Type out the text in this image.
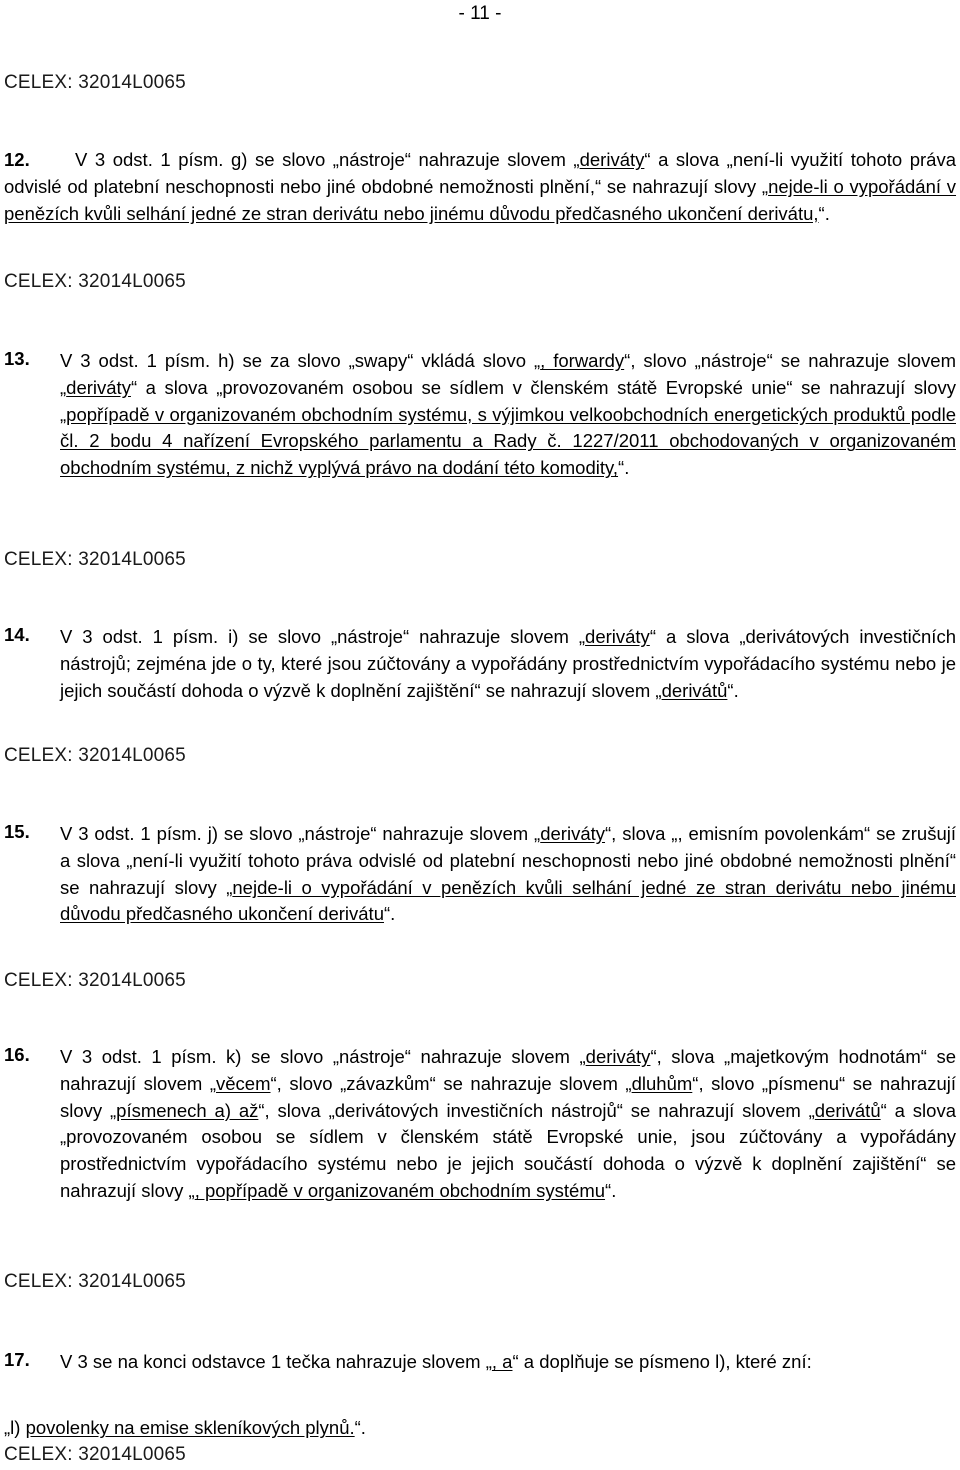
- 11 -
CELEX: 32014L0065
12.      V 3 odst. 1 písm. g) se slovo „nástroje“ nahrazuje slovem „deriváty“ a slova „není-li využití tohoto práva odvislé od platební neschopnosti nebo jiné obdobné nemožnosti plnění,“ se nahrazují slovy „nejde-li o vypořádání v penězích kvůli selhání jedné ze stran derivátu nebo jinému důvodu předčasného ukončení derivátu,“.
CELEX: 32014L0065
13. V 3 odst. 1 písm. h) se za slovo „swapy“ vkládá slovo „, forwardy“, slovo „nástroje“ se nahrazuje slovem „deriváty“ a slova „provozovaném osobou se sídlem v členském státě Evropské unie“ se nahrazují slovy „popřípadě v organizovaném obchodním systému, s výjimkou velkoobchodních energetických produktů podle čl. 2 bodu 4 nařízení Evropského parlamentu a Rady č. 1227/2011 obchodovaných v organizovaném obchodním systému, z nichž vyplývá právo na dodání této komodity,“.
CELEX: 32014L0065
14. V 3 odst. 1 písm. i) se slovo „nástroje“ nahrazuje slovem „deriváty“ a slova „derivátových investičních nástrojů; zejména jde o ty, které jsou zúčtovány a vypořádány prostřednictvím vypořádacího systému nebo je jejich součástí dohoda o výzvě k doplnění zajištění“ se nahrazují slovem „derivátů“.
CELEX: 32014L0065
15. V 3 odst. 1 písm. j) se slovo „nástroje“ nahrazuje slovem „deriváty“, slova „, emisním povolenkám“ se zrušují a slova „není-li využití tohoto práva odvislé od platební neschopnosti nebo jiné obdobné nemožnosti plnění“ se nahrazují slovy „nejde-li o vypořádání v penězích kvůli selhání jedné ze stran derivátu nebo jinému důvodu předčasného ukončení derivátu“.
CELEX: 32014L0065
16. V 3 odst. 1 písm. k) se slovo „nástroje“ nahrazuje slovem „deriváty“, slova „majetkovým hodnotám“ se nahrazují slovem „věcem“, slovo „závazkům“ se nahrazuje slovem „dluhům“, slovo „písmenu“ se nahrazují slovy „písmenech a) až“, slova „derivátových investičních nástrojů“ se nahrazují slovem „derivátů“ a slova „provozovaném osobou se sídlem v členském státě Evropské unie, jsou zúčtovány a vypořádány prostřednictvím vypořádacího systému nebo je jejich součástí dohoda o výzvě k doplnění zajištění“ se nahrazují slovy „, popřípadě v organizovaném obchodním systému“.
CELEX: 32014L0065
17. V 3 se na konci odstavce 1 tečka nahrazuje slovem „, a“ a doplňuje se písmeno l), které zní:
„l) povolenky na emise skleníkových plynů.“.
CELEX: 32014L0065
